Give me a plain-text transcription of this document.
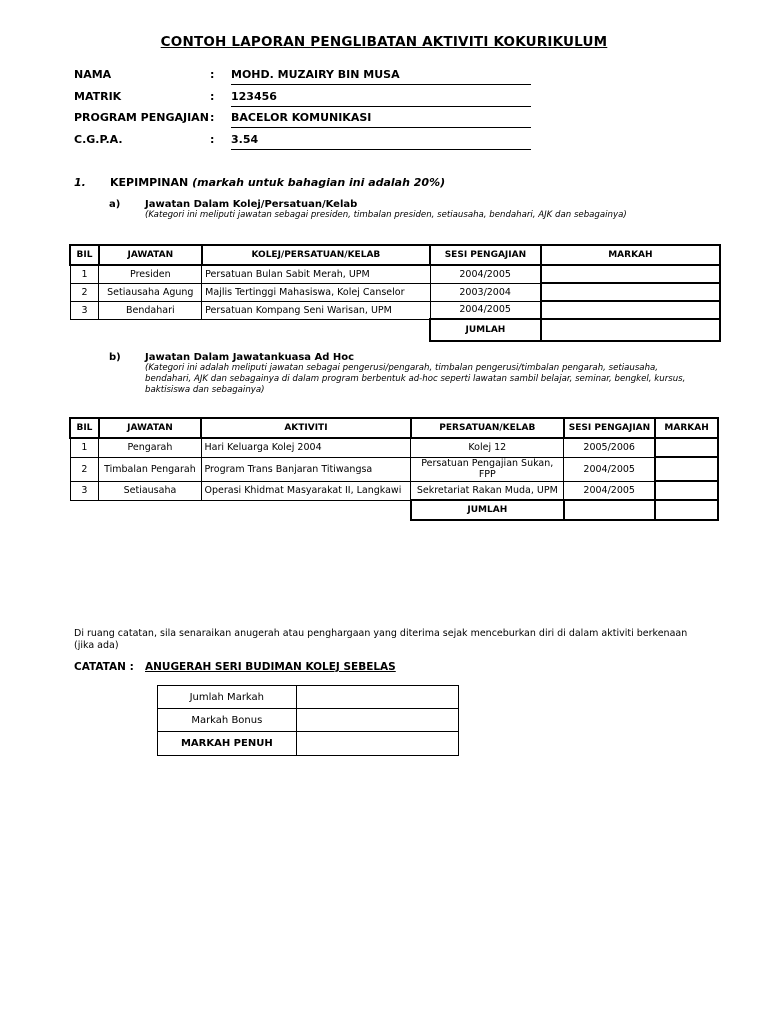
CONTOH LAPORAN PENGLIBATAN AKTIVITI KOKURIKULUM
NAMA	: MOHD. MUZAIRY BIN MUSA
MATRIK	: 123456
PROGRAM PENGAJIAN : BACELOR KOMUNIKASI
C.G.P.A.	: 3.54
1. KEPIMPINAN (markah untuk bahagian ini adalah 20%)
a) Jawatan Dalam Kolej/Persatuan/Kelab
(Kategori ini meliputi jawatan sebagai presiden, timbalan presiden, setiausaha, bendahari, AJK dan sebagainya)
BIL	JAWATAN	KOLEJ/PERSATUAN/KELAB	SESI PENGAJIAN	MARKAH
1	Presiden	Persatuan Bulan Sabit Merah, UPM	2004/2005	
2	Setiausaha Agung	Majlis Tertinggi Mahasiswa, Kolej Canselor	2003/2004	
3	Bendahari	Persatuan Kompang Seni Warisan, UPM	2004/2005	
			JUMLAH	
b) Jawatan Dalam Jawatankuasa Ad Hoc
(Kategori ini adalah meliputi jawatan sebagai pengerusi/pengarah, timbalan pengerusi/timbalan pengarah, setiausaha,
bendahari, AJK dan sebagainya di dalam program berbentuk ad-hoc seperti lawatan sambil belajar, seminar, bengkel, kursus,
baktisiswa dan sebagainya)
BIL	JAWATAN	AKTIVITI	PERSATUAN/KELAB	SESI PENGAJIAN	MARKAH
1	Pengarah	Hari Keluarga Kolej 2004	Kolej 12	2005/2006	
2	Timbalan Pengarah	Program Trans Banjaran Titiwangsa	Persatuan Pengajian Sukan, FPP	2004/2005	
3	Setiausaha	Operasi Khidmat Masyarakat II, Langkawi	Sekretariat Rakan Muda, UPM	2004/2005	
			JUMLAH		
Di ruang catatan, sila senaraikan anugerah atau penghargaan yang diterima sejak menceburkan diri di dalam aktiviti berkenaan
(jika ada)
CATATAN : ANUGERAH SERI BUDIMAN KOLEJ SEBELAS
Jumlah Markah	
Markah Bonus	
MARKAH PENUH	
